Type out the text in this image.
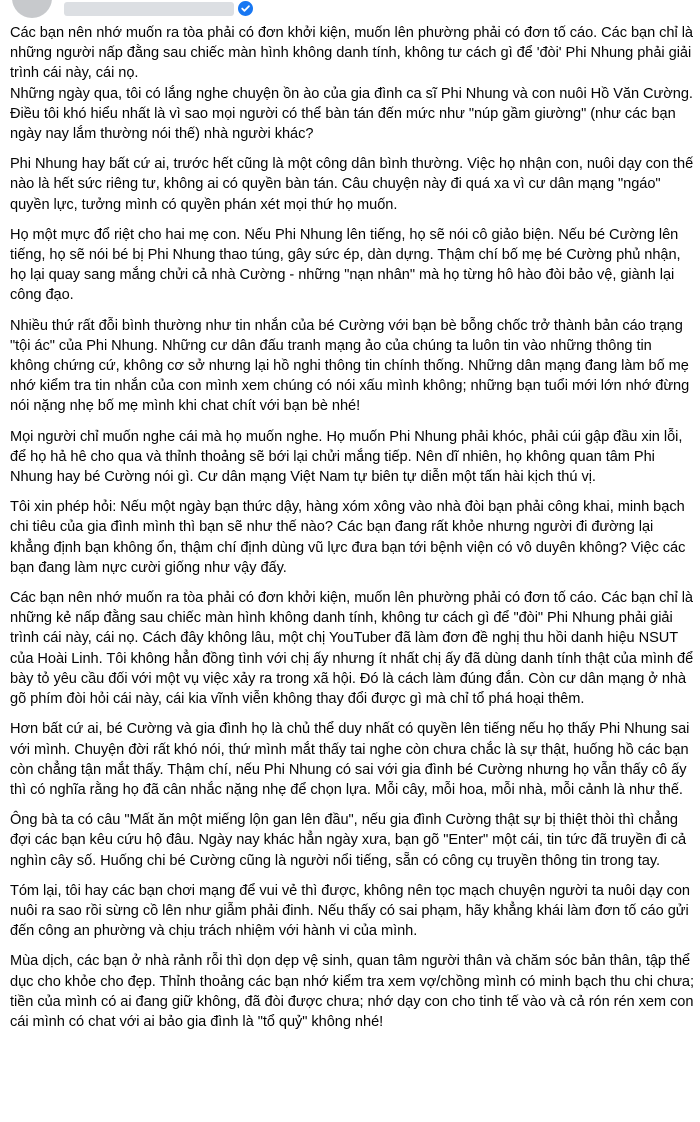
Các bạn nên nhớ muốn ra tòa phải có đơn khởi kiện, muốn lên phường phải có đơn tố cáo. Các bạn chỉ là những người nấp đằng sau chiếc màn hình không danh tính, không tư cách gì để 'đòi' Phi Nhung phải giải trình cái này, cái nọ.
Những ngày qua, tôi có lắng nghe chuyện ồn ào của gia đình ca sĩ Phi Nhung và con nuôi Hồ Văn Cường. Điều tôi khó hiểu nhất là vì sao mọi người có thể bàn tán đến mức như "núp gầm giường" (như các bạn ngày nay lắm thường nói thế) nhà người khác?

Phi Nhung hay bất cứ ai, trước hết cũng là một công dân bình thường. Việc họ nhận con, nuôi dạy con thế nào là hết sức riêng tư, không ai có quyền bàn tán. Câu chuyện này đi quá xa vì cư dân mạng "ngáo" quyền lực, tưởng mình có quyền phán xét mọi thứ họ muốn.

Họ một mực đổ riệt cho hai mẹ con. Nếu Phi Nhung lên tiếng, họ sẽ nói cô giảo biện. Nếu bé Cường lên tiếng, họ sẽ nói bé bị Phi Nhung thao túng, gây sức ép, dàn dựng. Thậm chí bố mẹ bé Cường phủ nhận, họ lại quay sang mắng chửi cả nhà Cường - những "nạn nhân" mà họ từng hô hào đòi bảo vệ, giành lại công đạo.

Nhiều thứ rất đỗi bình thường như tin nhắn của bé Cường với bạn bè bỗng chốc trở thành bản cáo trạng "tội ác" của Phi Nhung. Những cư dân đấu tranh mạng ảo của chúng ta luôn tin vào những thông tin không chứng cứ, không cơ sở nhưng lại hồ nghi thông tin chính thống. Những dân mạng đang làm bố mẹ nhớ kiểm tra tin nhắn của con mình xem chúng có nói xấu mình không; những bạn tuổi mới lớn nhớ đừng nói nặng nhẹ bố mẹ mình khi chat chít với bạn bè nhé!

Mọi người chỉ muốn nghe cái mà họ muốn nghe. Họ muốn Phi Nhung phải khóc, phải cúi gập đầu xin lỗi, để họ hả hê cho qua và thỉnh thoảng sẽ bới lại chửi mắng tiếp. Nên dĩ nhiên, họ không quan tâm Phi Nhung hay bé Cường nói gì. Cư dân mạng Việt Nam tự biên tự diễn một tấn hài kịch thú vị.

Tôi xin phép hỏi: Nếu một ngày bạn thức dậy, hàng xóm xông vào nhà đòi bạn phải công khai, minh bạch chi tiêu của gia đình mình thì bạn sẽ như thế nào? Các bạn đang rất khỏe nhưng người đi đường lại khẳng định bạn không ổn, thậm chí định dùng vũ lực đưa bạn tới bệnh viện có vô duyên không? Việc các bạn đang làm nực cười giống như vậy đấy.

Các bạn nên nhớ muốn ra tòa phải có đơn khởi kiện, muốn lên phường phải có đơn tố cáo. Các bạn chỉ là những kẻ nấp đằng sau chiếc màn hình không danh tính, không tư cách gì để "đòi" Phi Nhung phải giải trình cái này, cái nọ. Cách đây không lâu, một chị YouTuber đã làm đơn đề nghị thu hồi danh hiệu NSUT của Hoài Linh. Tôi không hẳn đồng tình với chị ấy nhưng ít nhất chị ấy đã dùng danh tính thật của mình để bày tỏ yêu cầu đối với một vụ việc xảy ra trong xã hội. Đó là cách làm đúng đắn. Còn cư dân mạng ở nhà gõ phím đòi hỏi cái này, cái kia vĩnh viễn không thay đổi được gì mà chỉ tổ phá hoại thêm.

Hơn bất cứ ai, bé Cường và gia đình họ là chủ thể duy nhất có quyền lên tiếng nếu họ thấy Phi Nhung sai với mình. Chuyện đời rất khó nói, thứ mình mắt thấy tai nghe còn chưa chắc là sự thật, huống hồ các bạn còn chẳng tận mắt thấy. Thậm chí, nếu Phi Nhung có sai với gia đình bé Cường nhưng họ vẫn thấy cô ấy thì có nghĩa rằng họ đã cân nhắc nặng nhẹ để chọn lựa. Mỗi cây, mỗi hoa, mỗi nhà, mỗi cảnh là như thế.

Ông bà ta có câu "Mất ăn một miếng lộn gan lên đầu", nếu gia đình Cường thật sự bị thiệt thòi thì chẳng đợi các bạn kêu cứu hộ đâu. Ngày nay khác hẳn ngày xưa, bạn gõ "Enter" một cái, tin tức đã truyền đi cả nghìn cây số. Huống chi bé Cường cũng là người nổi tiếng, sẵn có công cụ truyền thông tin trong tay.

Tóm lại, tôi hay các bạn chơi mạng để vui vẻ thì được, không nên tọc mạch chuyện người ta nuôi dạy con nuôi ra sao rồi sừng cồ lên như giẫm phải đinh. Nếu thấy có sai phạm, hãy khẳng khái làm đơn tố cáo gửi đến công an phường và chịu trách nhiệm với hành vi của mình.

Mùa dịch, các bạn ở nhà rảnh rỗi thì dọn dẹp vệ sinh, quan tâm người thân và chăm sóc bản thân, tập thể dục cho khỏe cho đẹp. Thỉnh thoảng các bạn nhớ kiểm tra xem vợ/chồng mình có minh bạch thu chi chưa; tiền của mình có ai đang giữ không, đã đòi được chưa; nhớ dạy con cho tinh tế vào và cả rón rén xem con cái mình có chat với ai bảo gia đình là "tổ quỷ" không nhé!
